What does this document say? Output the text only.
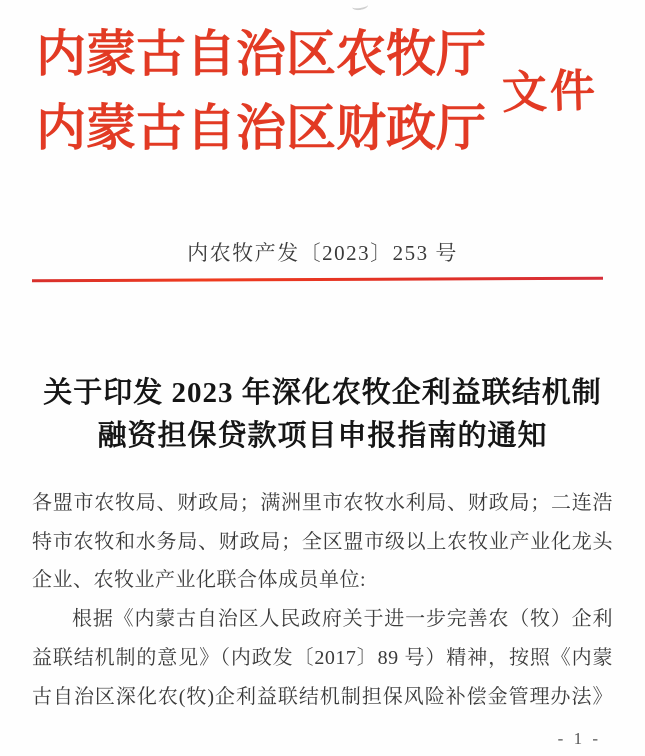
内蒙古自治区农牧厅
内蒙古自治区财政厅
文件
内农牧产发〔2023〕253 号
关于印发 2023 年深化农牧企利益联结机制
融资担保贷款项目申报指南的通知
各盟市农牧局、财政局；满洲里市农牧水利局、财政局；二连浩
特市农牧和水务局、财政局；全区盟市级以上农牧业产业化龙头
企业、农牧业产业化联合体成员单位:
根据《内蒙古自治区人民政府关于进一步完善农（牧）企利
益联结机制的意见》（内政发〔2017〕89 号）精神，按照《内蒙
古自治区深化农(牧)企利益联结机制担保风险补偿金管理办法》
- 1 -
